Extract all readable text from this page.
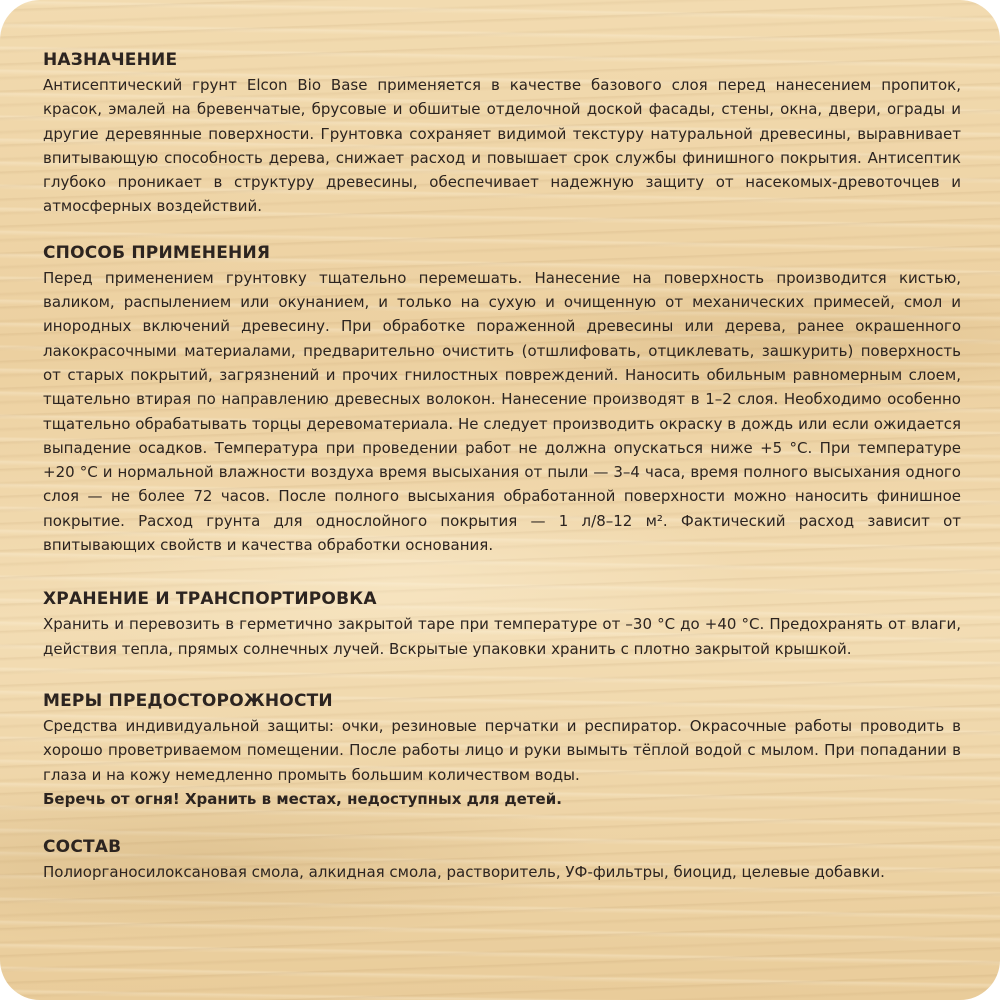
НАЗНАЧЕНИЕ

Антисептический грунт Elcon Bio Base применяется в качестве базового слоя перед нанесением пропиток, красок, эмалей на бревенчатые, брусовые и обшитые отделочной доской фасады, стены, окна, двери, ограды и другие деревянные поверхности. Грунтовка сохраняет видимой текстуру натуральной древесины, выравнивает впитывающую способность дерева, снижает расход и повышает срок службы финишного покрытия. Антисептик глубоко проникает в структуру древесины, обеспечивает надежную защиту от насекомых-древоточцев и атмосферных воздействий.

СПОСОБ ПРИМЕНЕНИЯ

Перед применением грунтовку тщательно перемешать. Нанесение на поверхность производится кистью, валиком, распылением или окунанием, и только на сухую и очищенную от механических примесей, смол и инородных включений древесину. При обработке пораженной древесины или дерева, ранее окрашенного лакокрасочными материалами, предварительно очистить (отшлифовать, отциклевать, зашкурить) поверхность от старых покрытий, загрязнений и прочих гнилостных повреждений. Наносить обильным равномерным слоем, тщательно втирая по направлению древесных волокон. Нанесение производят в 1–2 слоя. Необходимо особенно тщательно обрабатывать торцы деревоматериала. Не следует производить окраску в дождь или если ожидается выпадение осадков. Температура при проведении работ не должна опускаться ниже +5 °С. При температуре +20 °С и нормальной влажности воздуха время высыхания от пыли — 3–4 часа, время полного высыхания одного слоя — не более 72 часов. После полного высыхания обработанной поверхности можно наносить финишное покрытие. Расход грунта для однослойного покрытия — 1 л/8–12 м². Фактический расход зависит от впитывающих свойств и качества обработки основания.

ХРАНЕНИЕ И ТРАНСПОРТИРОВКА

Хранить и перевозить в герметично закрытой таре при температуре от –30 °С до +40 °С. Предохранять от влаги, действия тепла, прямых солнечных лучей. Вскрытые упаковки хранить с плотно закрытой крышкой.

МЕРЫ ПРЕДОСТОРОЖНОСТИ

Средства индивидуальной защиты: очки, резиновые перчатки и респиратор. Окрасочные работы проводить в хорошо проветриваемом помещении. После работы лицо и руки вымыть тёплой водой с мылом. При попадании в глаза и на кожу немедленно промыть большим количеством воды.

Беречь от огня! Хранить в местах, недоступных для детей.

СОСТАВ

Полиорганосилоксановая смола, алкидная смола, растворитель, УФ-фильтры, биоцид, целевые добавки.
